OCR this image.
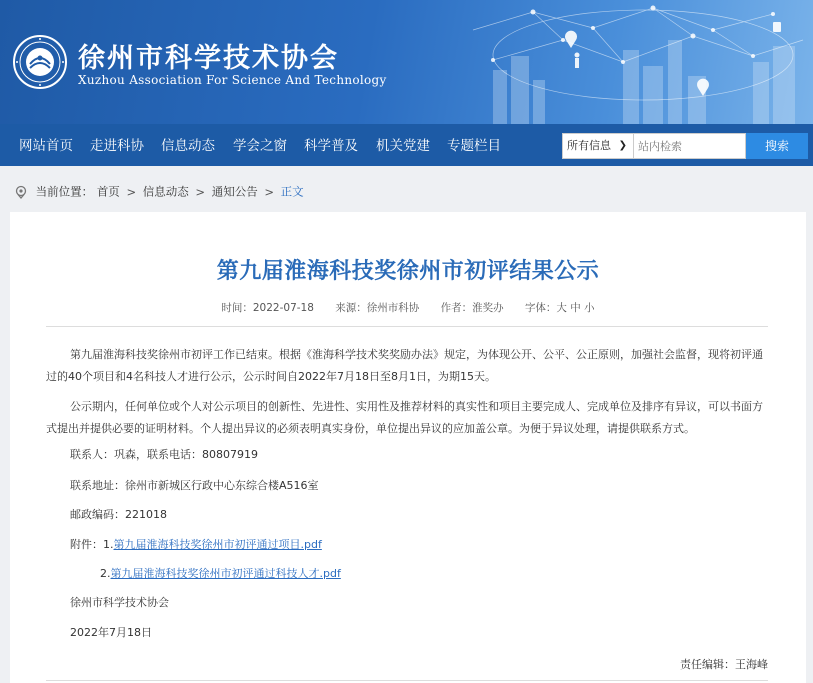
徐州市科学技术协会
Xuzhou Association For Science And Technology
网站首页 走进科协 信息动态 学会之窗 科学普及 机关党建 专题栏目	所有信息 ❯
站内检索	搜索
当前位置： 首页 > 信息动态 > 通知公告 > 正文
第九届淮海科技奖徐州市初评结果公示
时间：2022-07-18 来源：徐州市科协 作者：淮奖办 字体：大 中 小
第九届淮海科技奖徐州市初评工作已结束。根据《淮海科学技术奖奖励办法》规定，为体现公开、公平、公正原则，加强社会监督，现将初评通过的40个项目和4名科技人才进行公示，公示时间自2022年7月18日至8月1日，为期15天。
公示期内，任何单位或个人对公示项目的创新性、先进性、实用性及推荐材料的真实性和项目主要完成人、完成单位及排序有异议，可以书面方式提出并提供必要的证明材料。个人提出异议的必须表明真实身份，单位提出异议的应加盖公章。为便于异议处理，请提供联系方式。
联系人：巩森，联系电话：80807919
联系地址：徐州市新城区行政中心东综合楼A516室
邮政编码：221018
附件：1.第九届淮海科技奖徐州市初评通过项目.pdf
2.第九届淮海科技奖徐州市初评通过科技人才.pdf
徐州市科学技术协会
2022年7月18日
责任编辑：王海峰
